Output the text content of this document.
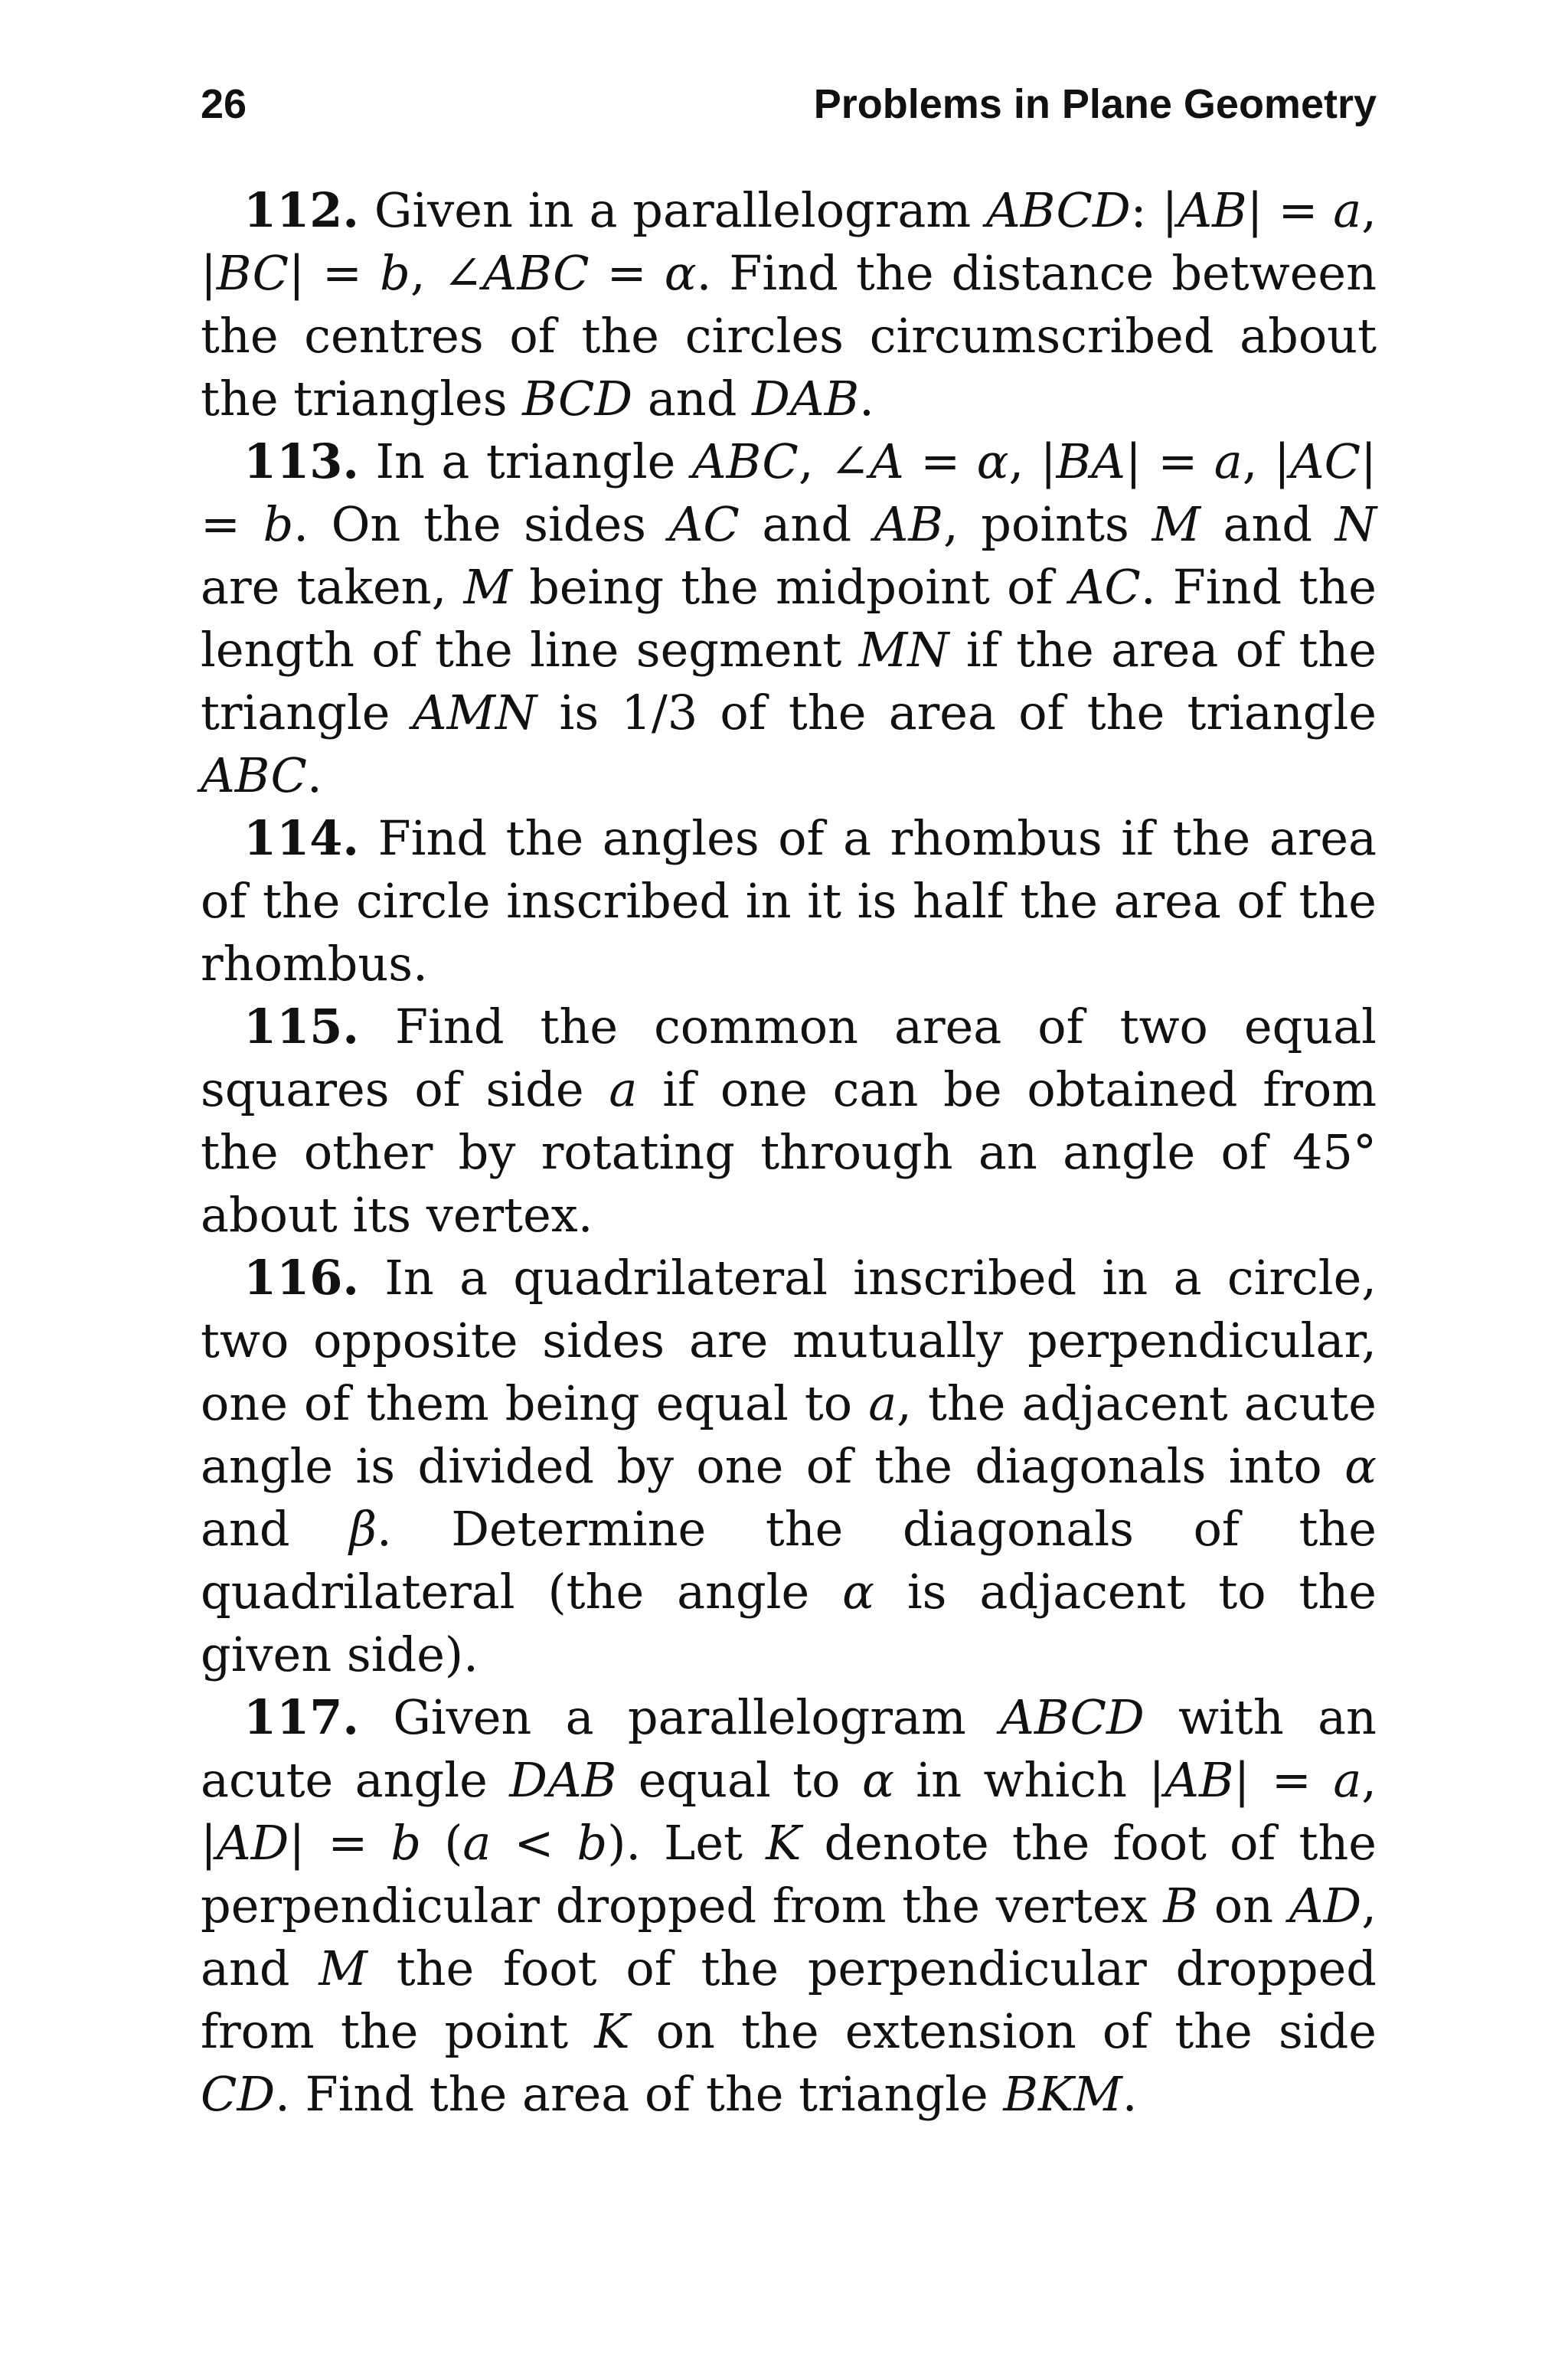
26	Problems in Plane Geometry

112. Given in a parallelogram ABCD: |AB| = a, |BC| = b, ∠ABC = α. Find the distance between the centres of the circles circumscribed about the triangles BCD and DAB.

113. In a triangle ABC, ∠A = α, |BA| = a, |AC| = b. On the sides AC and AB, points M and N are taken, M being the midpoint of AC. Find the length of the line segment MN if the area of the triangle AMN is 1/3 of the area of the triangle ABC.

114. Find the angles of a rhombus if the area of the circle inscribed in it is half the area of the rhombus.

115. Find the common area of two equal squares of side a if one can be obtained from the other by rotating through an angle of 45° about its vertex.

116. In a quadrilateral inscribed in a circle, two opposite sides are mutually perpendicular, one of them being equal to a, the adjacent acute angle is divided by one of the diagonals into α and β. Determine the diagonals of the quadrilateral (the angle α is adjacent to the given side).

117. Given a parallelogram ABCD with an acute angle DAB equal to α in which |AB| = a, |AD| = b (a < b). Let K denote the foot of the perpendicular dropped from the vertex B on AD, and M the foot of the perpendicular dropped from the point K on the extension of the side CD. Find the area of the triangle BKM.
